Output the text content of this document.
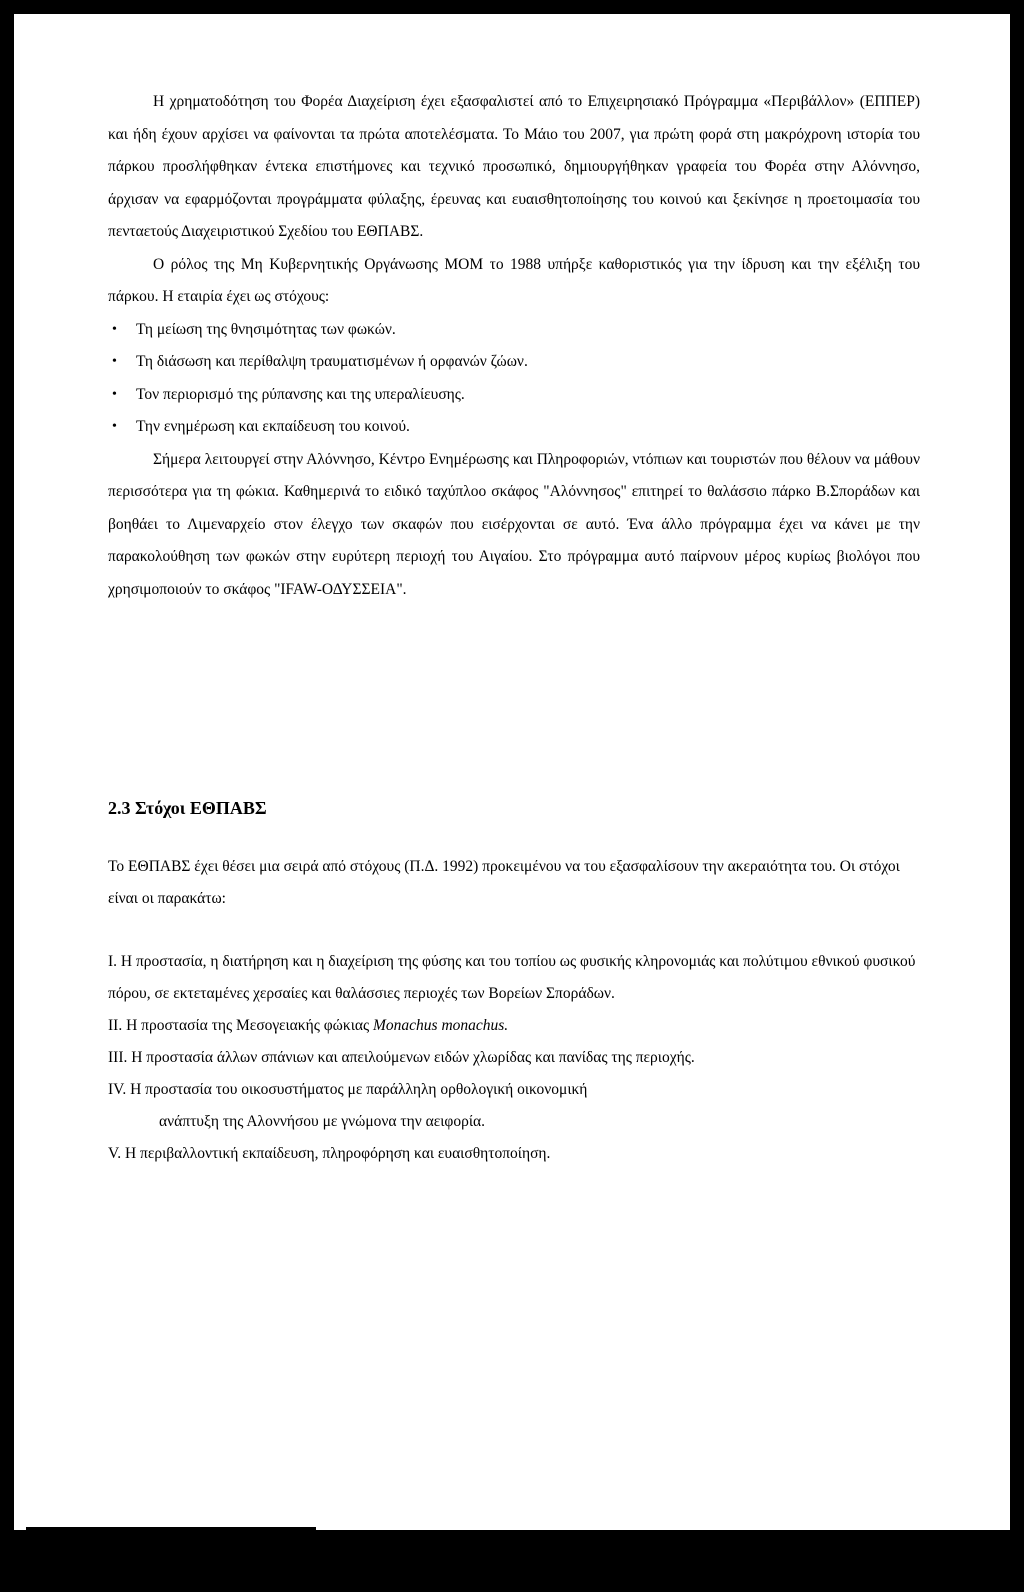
Η χρηματοδότηση του Φορέα Διαχείριση έχει εξασφαλιστεί από το Επιχειρησιακό Πρόγραμμα «Περιβάλλον» (ΕΠΠΕΡ) και ήδη έχουν αρχίσει να φαίνονται τα πρώτα αποτελέσματα. Το Μάιο του 2007, για πρώτη φορά στη μακρόχρονη ιστορία του πάρκου προσλήφθηκαν έντεκα επιστήμονες και τεχνικό προσωπικό, δημιουργήθηκαν γραφεία του Φορέα στην Αλόννησο, άρχισαν να εφαρμόζονται προγράμματα φύλαξης, έρευνας και ευαισθητοποίησης του κοινού και ξεκίνησε η προετοιμασία του πενταετούς Διαχειριστικού Σχεδίου του ΕΘΠΑΒΣ.

Ο ρόλος της Μη Κυβερνητικής Οργάνωσης ΜΟΜ το 1988 υπήρξε καθοριστικός για την ίδρυση και την εξέλιξη του πάρκου. Η εταιρία έχει ως στόχους:

• Τη μείωση της θνησιμότητας των φωκών.
• Τη διάσωση και περίθαλψη τραυματισμένων ή ορφανών ζώων.
• Τον περιορισμό της ρύπανσης και της υπεραλίευσης.
• Την ενημέρωση και εκπαίδευση του κοινού.

Σήμερα λειτουργεί στην Αλόννησο, Κέντρο Ενημέρωσης και Πληροφοριών, ντόπιων και τουριστών που θέλουν να μάθουν περισσότερα για τη φώκια. Καθημερινά το ειδικό ταχύπλοο σκάφος "Αλόννησος" επιτηρεί το θαλάσσιο πάρκο Β.Σποράδων και βοηθάει το Λιμεναρχείο στον έλεγχο των σκαφών που εισέρχονται σε αυτό. Ένα άλλο πρόγραμμα έχει να κάνει με την παρακολούθηση των φωκών στην ευρύτερη περιοχή του Αιγαίου. Στο πρόγραμμα αυτό παίρνουν μέρος κυρίως βιολόγοι που χρησιμοποιούν το σκάφος "IFAW-ΟΔΥΣΣΕΙΑ".

2.3 Στόχοι ΕΘΠΑΒΣ

Το ΕΘΠΑΒΣ έχει θέσει μια σειρά από στόχους (Π.Δ. 1992) προκειμένου να του εξασφαλίσουν την ακεραιότητα του. Οι στόχοι είναι οι παρακάτω:

Ι. Η προστασία, η διατήρηση και η διαχείριση της φύσης και του τοπίου ως φυσικής κληρονομιάς και πολύτιμου εθνικού φυσικού πόρου, σε εκτεταμένες χερσαίες και θαλάσσιες περιοχές των Βορείων Σποράδων.

ΙΙ. Η προστασία της Μεσογειακής φώκιας Monachus monachus.

ΙΙΙ. Η προστασία άλλων σπάνιων και απειλούμενων ειδών χλωρίδας και πανίδας της περιοχής.

IV. Η προστασία του οικοσυστήματος με παράλληλη ορθολογική οικονομική

ανάπτυξη της Αλοννήσου με γνώμονα την αειφορία.

V. Η περιβαλλοντική εκπαίδευση, πληροφόρηση και ευαισθητοποίηση.

22
